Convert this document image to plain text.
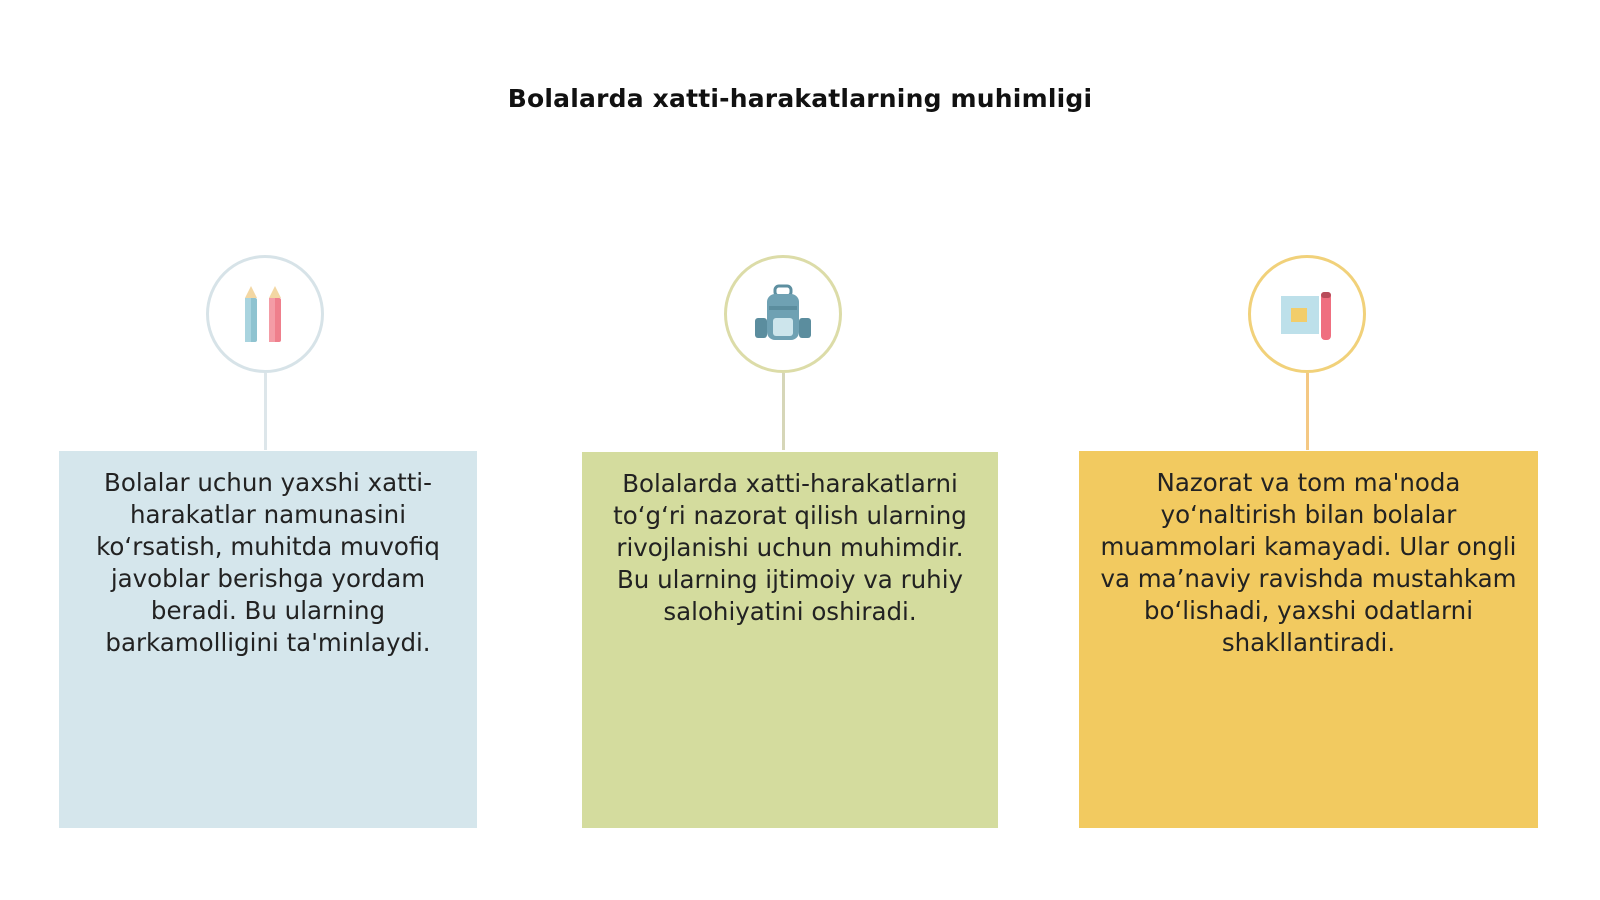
Bolalarda xatti-harakatlarning muhimligi
Bolalar uchun yaxshi xatti-harakatlar namunasini ko‘rsatish, muhitda muvofiq javoblar berishga yordam beradi. Bu ularning barkamolligini ta'minlaydi.
Bolalarda xatti-harakatlarni to‘g‘ri nazorat qilish ularning rivojlanishi uchun muhimdir. Bu ularning ijtimoiy va ruhiy salohiyatini oshiradi.
Nazorat va tom ma'noda yo‘naltirish bilan bolalar muammolari kamayadi. Ular ongli va ma’naviy ravishda mustahkam bo‘lishadi, yaxshi odatlarni shakllantiradi.
